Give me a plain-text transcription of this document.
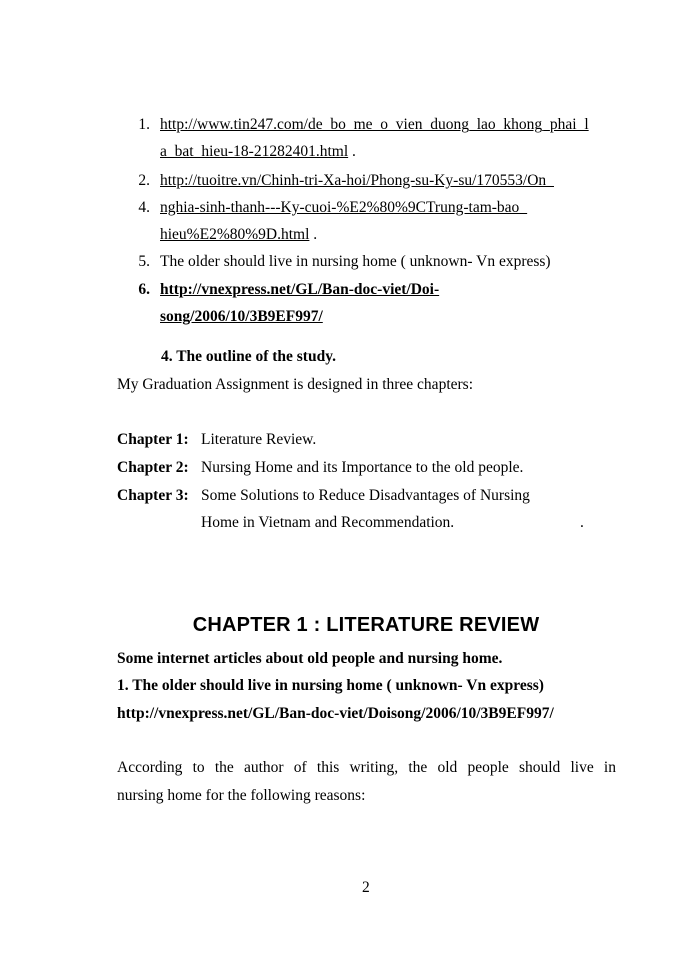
1. http://www.tin247.com/de_bo_me_o_vien_duong_lao_khong_phai_l
a_bat_hieu-18-21282401.html .
2. http://tuoitre.vn/Chinh-tri-Xa-hoi/Phong-su-Ky-su/170553/On_
4. nghia-sinh-thanh---Ky-cuoi-%E2%80%9CTrung-tam-bao_
hieu%E2%80%9D.html .
5. The older should live in nursing home ( unknown- Vn express)
6. http://vnexpress.net/GL/Ban-doc-viet/Doi-
song/2006/10/3B9EF997/
4. The outline of the study.
My Graduation Assignment is designed in three chapters:
Chapter 1: Literature Review.
Chapter 2: Nursing Home and its Importance to the old people.
Chapter 3: Some Solutions to Reduce Disadvantages of Nursing
Home in Vietnam and Recommendation.	.
CHAPTER 1 : LITERATURE REVIEW
Some internet articles about old people and nursing home.
1. The older should live in nursing home ( unknown- Vn express)
http://vnexpress.net/GL/Ban-doc-viet/Doisong/2006/10/3B9EF997/
According  to  the  author  of  this  writing,  the  old  people  should  live  in
nursing home for the following reasons:
2
